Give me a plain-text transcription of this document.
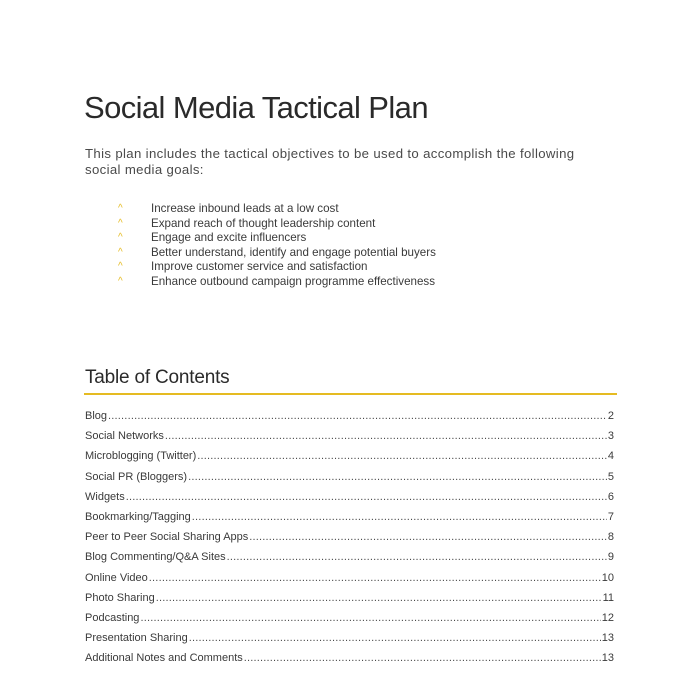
Social Media Tactical Plan

This plan includes the tactical objectives to be used to accomplish the following social media goals:

^	Increase inbound leads at a low cost
^	Expand reach of thought leadership content
^	Engage and excite influencers
^	Better understand, identify and engage potential buyers
^	Improve customer service and satisfaction
^	Enhance outbound campaign programme effectiveness
Table of Contents
Blog .....	2
Social Networks .....	3
Microblogging (Twitter) .....	4
Social PR (Bloggers) .....	5
Widgets .....	6
Bookmarking/Tagging .....	7
Peer to Peer Social Sharing Apps .....	8
Blog Commenting/Q&A Sites .....	9
Online Video .....	10
Photo Sharing .....	11
Podcasting .....	12
Presentation Sharing .....	13
Additional Notes and Comments .....	13
